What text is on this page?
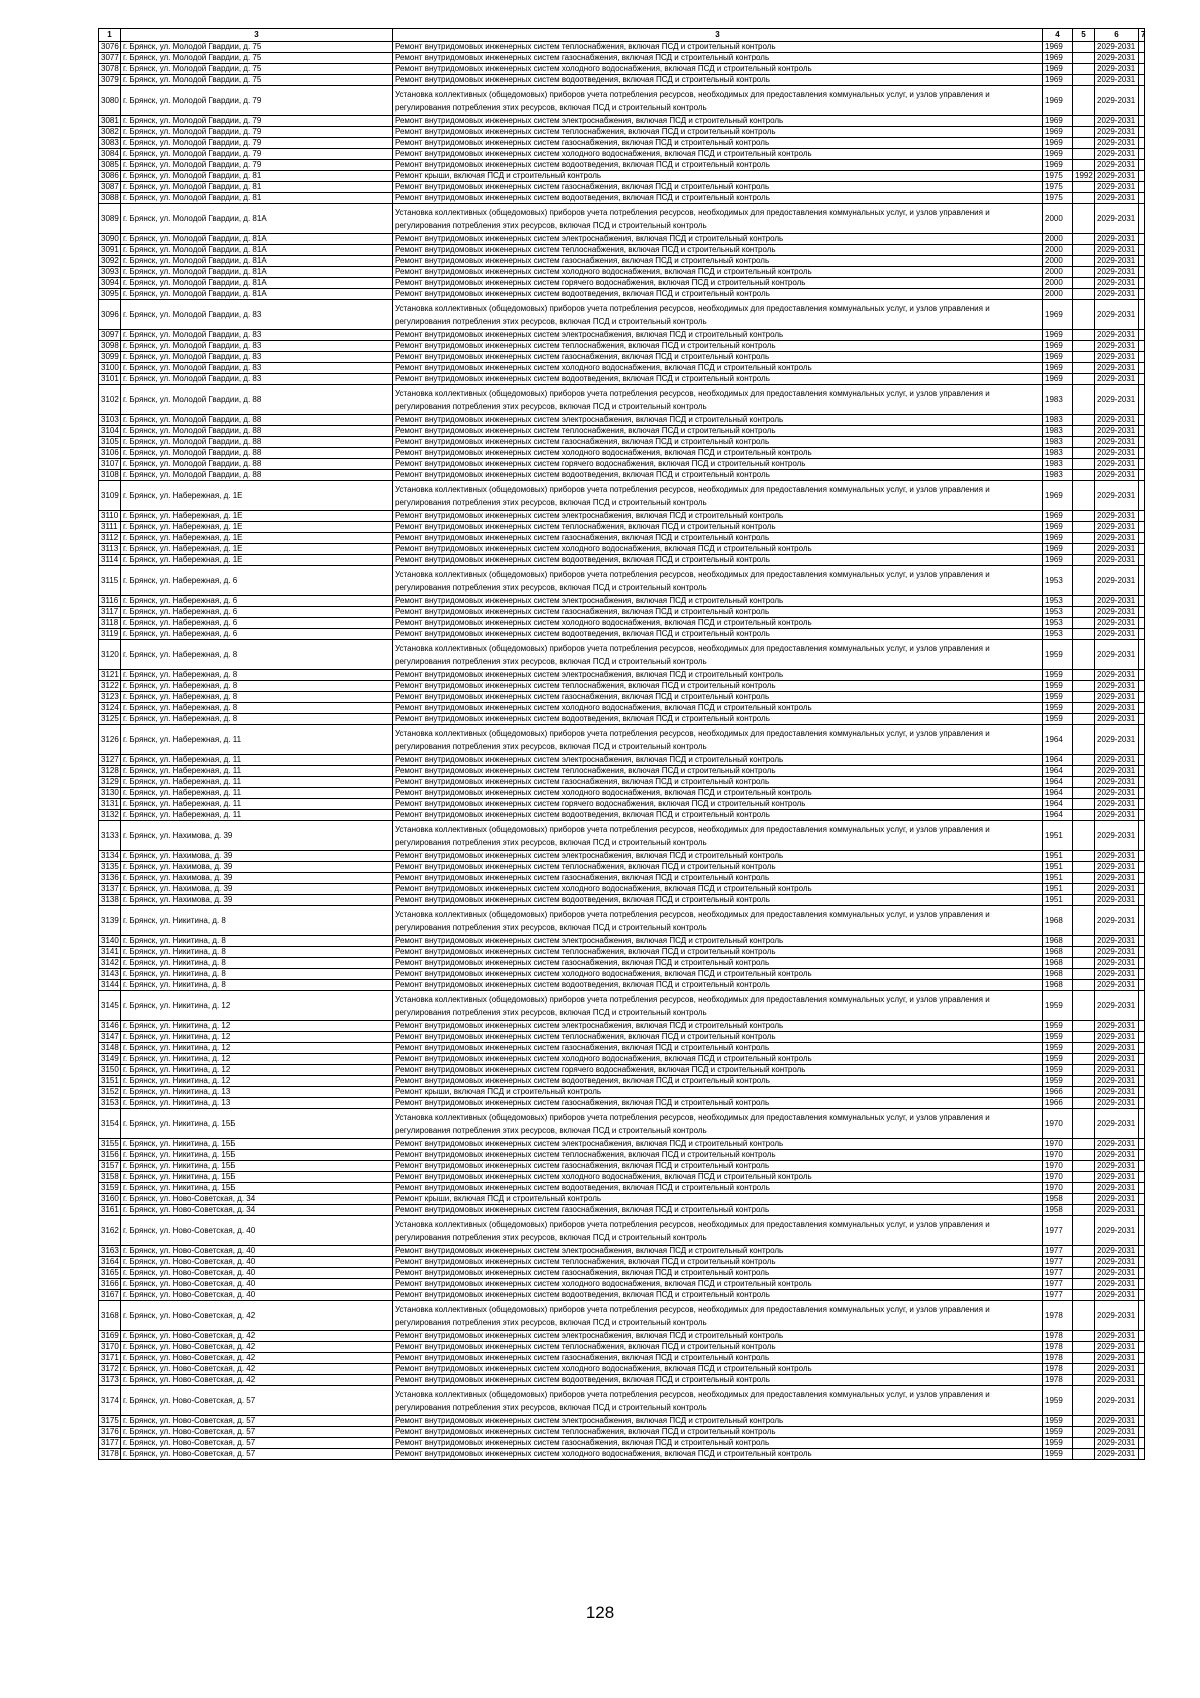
1	3	3	4	5	6	7
3076	г. Брянск, ул. Молодой Гвардии, д. 75	Ремонт внутридомовых инженерных систем теплоснабжения, включая ПСД и строительный контроль	1969		2029-2031	
3077	г. Брянск, ул. Молодой Гвардии, д. 75	Ремонт внутридомовых инженерных систем газоснабжения, включая ПСД и строительный контроль	1969		2029-2031	
3078	г. Брянск, ул. Молодой Гвардии, д. 75	Ремонт внутридомовых инженерных систем холодного водоснабжения, включая ПСД и строительный контроль	1969		2029-2031	
3079	г. Брянск, ул. Молодой Гвардии, д. 75	Ремонт внутридомовых инженерных систем водоотведения, включая ПСД и строительный контроль	1969		2029-2031	
3080	г. Брянск, ул. Молодой Гвардии, д. 79	Установка коллективных (общедомовых) приборов учета потребления ресурсов, необходимых для предоставления коммунальных услуг, и узлов управления и регулирования потребления этих ресурсов, включая ПСД и строительный контроль	1969		2029-2031	
3081	г. Брянск, ул. Молодой Гвардии, д. 79	Ремонт внутридомовых инженерных систем электроснабжения, включая ПСД и строительный контроль	1969		2029-2031	
3082	г. Брянск, ул. Молодой Гвардии, д. 79	Ремонт внутридомовых инженерных систем теплоснабжения, включая ПСД и строительный контроль	1969		2029-2031	
3083	г. Брянск, ул. Молодой Гвардии, д. 79	Ремонт внутридомовых инженерных систем газоснабжения, включая ПСД и строительный контроль	1969		2029-2031	
3084	г. Брянск, ул. Молодой Гвардии, д. 79	Ремонт внутридомовых инженерных систем холодного водоснабжения, включая ПСД и строительный контроль	1969		2029-2031	
3085	г. Брянск, ул. Молодой Гвардии, д. 79	Ремонт внутридомовых инженерных систем водоотведения, включая ПСД и строительный контроль	1969		2029-2031	
3086	г. Брянск, ул. Молодой Гвардии, д. 81	Ремонт крыши, включая ПСД и строительный контроль	1975	1992	2029-2031	
3087	г. Брянск, ул. Молодой Гвардии, д. 81	Ремонт внутридомовых инженерных систем газоснабжения, включая ПСД и строительный контроль	1975		2029-2031	
3088	г. Брянск, ул. Молодой Гвардии, д. 81	Ремонт внутридомовых инженерных систем водоотведения, включая ПСД и строительный контроль	1975		2029-2031	
3089	г. Брянск, ул. Молодой Гвардии, д. 81А	Установка коллективных (общедомовых) приборов учета потребления ресурсов, необходимых для предоставления коммунальных услуг, и узлов управления и регулирования потребления этих ресурсов, включая ПСД и строительный контроль	2000		2029-2031	
3090	г. Брянск, ул. Молодой Гвардии, д. 81А	Ремонт внутридомовых инженерных систем электроснабжения, включая ПСД и строительный контроль	2000		2029-2031	
3091	г. Брянск, ул. Молодой Гвардии, д. 81А	Ремонт внутридомовых инженерных систем теплоснабжения, включая ПСД и строительный контроль	2000		2029-2031	
3092	г. Брянск, ул. Молодой Гвардии, д. 81А	Ремонт внутридомовых инженерных систем газоснабжения, включая ПСД и строительный контроль	2000		2029-2031	
3093	г. Брянск, ул. Молодой Гвардии, д. 81А	Ремонт внутридомовых инженерных систем холодного водоснабжения, включая ПСД и строительный контроль	2000		2029-2031	
3094	г. Брянск, ул. Молодой Гвардии, д. 81А	Ремонт внутридомовых инженерных систем горячего водоснабжения, включая ПСД и строительный контроль	2000		2029-2031	
3095	г. Брянск, ул. Молодой Гвардии, д. 81А	Ремонт внутридомовых инженерных систем водоотведения, включая ПСД и строительный контроль	2000		2029-2031	
3096	г. Брянск, ул. Молодой Гвардии, д. 83	Установка коллективных (общедомовых) приборов учета потребления ресурсов, необходимых для предоставления коммунальных услуг, и узлов управления и регулирования потребления этих ресурсов, включая ПСД и строительный контроль	1969		2029-2031	
3097	г. Брянск, ул. Молодой Гвардии, д. 83	Ремонт внутридомовых инженерных систем электроснабжения, включая ПСД и строительный контроль	1969		2029-2031	
3098	г. Брянск, ул. Молодой Гвардии, д. 83	Ремонт внутридомовых инженерных систем теплоснабжения, включая ПСД и строительный контроль	1969		2029-2031	
3099	г. Брянск, ул. Молодой Гвардии, д. 83	Ремонт внутридомовых инженерных систем газоснабжения, включая ПСД и строительный контроль	1969		2029-2031	
3100	г. Брянск, ул. Молодой Гвардии, д. 83	Ремонт внутридомовых инженерных систем холодного водоснабжения, включая ПСД и строительный контроль	1969		2029-2031	
3101	г. Брянск, ул. Молодой Гвардии, д. 83	Ремонт внутридомовых инженерных систем водоотведения, включая ПСД и строительный контроль	1969		2029-2031	
3102	г. Брянск, ул. Молодой Гвардии, д. 88	Установка коллективных (общедомовых) приборов учета потребления ресурсов, необходимых для предоставления коммунальных услуг, и узлов управления и регулирования потребления этих ресурсов, включая ПСД и строительный контроль	1983		2029-2031	
3103	г. Брянск, ул. Молодой Гвардии, д. 88	Ремонт внутридомовых инженерных систем электроснабжения, включая ПСД и строительный контроль	1983		2029-2031	
3104	г. Брянск, ул. Молодой Гвардии, д. 88	Ремонт внутридомовых инженерных систем теплоснабжения, включая ПСД и строительный контроль	1983		2029-2031	
3105	г. Брянск, ул. Молодой Гвардии, д. 88	Ремонт внутридомовых инженерных систем газоснабжения, включая ПСД и строительный контроль	1983		2029-2031	
3106	г. Брянск, ул. Молодой Гвардии, д. 88	Ремонт внутридомовых инженерных систем холодного водоснабжения, включая ПСД и строительный контроль	1983		2029-2031	
3107	г. Брянск, ул. Молодой Гвардии, д. 88	Ремонт внутридомовых инженерных систем горячего водоснабжения, включая ПСД и строительный контроль	1983		2029-2031	
3108	г. Брянск, ул. Молодой Гвардии, д. 88	Ремонт внутридомовых инженерных систем водоотведения, включая ПСД и строительный контроль	1983		2029-2031	
3109	г. Брянск, ул. Набережная, д. 1Е	Установка коллективных (общедомовых) приборов учета потребления ресурсов, необходимых для предоставления коммунальных услуг, и узлов управления и регулирования потребления этих ресурсов, включая ПСД и строительный контроль	1969		2029-2031	
3110	г. Брянск, ул. Набережная, д. 1Е	Ремонт внутридомовых инженерных систем электроснабжения, включая ПСД и строительный контроль	1969		2029-2031	
3111	г. Брянск, ул. Набережная, д. 1Е	Ремонт внутридомовых инженерных систем теплоснабжения, включая ПСД и строительный контроль	1969		2029-2031	
3112	г. Брянск, ул. Набережная, д. 1Е	Ремонт внутридомовых инженерных систем газоснабжения, включая ПСД и строительный контроль	1969		2029-2031	
3113	г. Брянск, ул. Набережная, д. 1Е	Ремонт внутридомовых инженерных систем холодного водоснабжения, включая ПСД и строительный контроль	1969		2029-2031	
3114	г. Брянск, ул. Набережная, д. 1Е	Ремонт внутридомовых инженерных систем водоотведения, включая ПСД и строительный контроль	1969		2029-2031	
3115	г. Брянск, ул. Набережная, д. 6	Установка коллективных (общедомовых) приборов учета потребления ресурсов, необходимых для предоставления коммунальных услуг, и узлов управления и регулирования потребления этих ресурсов, включая ПСД и строительный контроль	1953		2029-2031	
3116	г. Брянск, ул. Набережная, д. 6	Ремонт внутридомовых инженерных систем электроснабжения, включая ПСД и строительный контроль	1953		2029-2031	
3117	г. Брянск, ул. Набережная, д. 6	Ремонт внутридомовых инженерных систем газоснабжения, включая ПСД и строительный контроль	1953		2029-2031	
3118	г. Брянск, ул. Набережная, д. 6	Ремонт внутридомовых инженерных систем холодного водоснабжения, включая ПСД и строительный контроль	1953		2029-2031	
3119	г. Брянск, ул. Набережная, д. 6	Ремонт внутридомовых инженерных систем водоотведения, включая ПСД и строительный контроль	1953		2029-2031	
3120	г. Брянск, ул. Набережная, д. 8	Установка коллективных (общедомовых) приборов учета потребления ресурсов, необходимых для предоставления коммунальных услуг, и узлов управления и регулирования потребления этих ресурсов, включая ПСД и строительный контроль	1959		2029-2031	
3121	г. Брянск, ул. Набережная, д. 8	Ремонт внутридомовых инженерных систем электроснабжения, включая ПСД и строительный контроль	1959		2029-2031	
3122	г. Брянск, ул. Набережная, д. 8	Ремонт внутридомовых инженерных систем теплоснабжения, включая ПСД и строительный контроль	1959		2029-2031	
3123	г. Брянск, ул. Набережная, д. 8	Ремонт внутридомовых инженерных систем газоснабжения, включая ПСД и строительный контроль	1959		2029-2031	
3124	г. Брянск, ул. Набережная, д. 8	Ремонт внутридомовых инженерных систем холодного водоснабжения, включая ПСД и строительный контроль	1959		2029-2031	
3125	г. Брянск, ул. Набережная, д. 8	Ремонт внутридомовых инженерных систем водоотведения, включая ПСД и строительный контроль	1959		2029-2031	
3126	г. Брянск, ул. Набережная, д. 11	Установка коллективных (общедомовых) приборов учета потребления ресурсов, необходимых для предоставления коммунальных услуг, и узлов управления и регулирования потребления этих ресурсов, включая ПСД и строительный контроль	1964		2029-2031	
3127	г. Брянск, ул. Набережная, д. 11	Ремонт внутридомовых инженерных систем электроснабжения, включая ПСД и строительный контроль	1964		2029-2031	
3128	г. Брянск, ул. Набережная, д. 11	Ремонт внутридомовых инженерных систем теплоснабжения, включая ПСД и строительный контроль	1964		2029-2031	
3129	г. Брянск, ул. Набережная, д. 11	Ремонт внутридомовых инженерных систем газоснабжения, включая ПСД и строительный контроль	1964		2029-2031	
3130	г. Брянск, ул. Набережная, д. 11	Ремонт внутридомовых инженерных систем холодного водоснабжения, включая ПСД и строительный контроль	1964		2029-2031	
3131	г. Брянск, ул. Набережная, д. 11	Ремонт внутридомовых инженерных систем горячего водоснабжения, включая ПСД и строительный контроль	1964		2029-2031	
3132	г. Брянск, ул. Набережная, д. 11	Ремонт внутридомовых инженерных систем водоотведения, включая ПСД и строительный контроль	1964		2029-2031	
3133	г. Брянск, ул. Нахимова, д. 39	Установка коллективных (общедомовых) приборов учета потребления ресурсов, необходимых для предоставления коммунальных услуг, и узлов управления и регулирования потребления этих ресурсов, включая ПСД и строительный контроль	1951		2029-2031	
3134	г. Брянск, ул. Нахимова, д. 39	Ремонт внутридомовых инженерных систем электроснабжения, включая ПСД и строительный контроль	1951		2029-2031	
3135	г. Брянск, ул. Нахимова, д. 39	Ремонт внутридомовых инженерных систем теплоснабжения, включая ПСД и строительный контроль	1951		2029-2031	
3136	г. Брянск, ул. Нахимова, д. 39	Ремонт внутридомовых инженерных систем газоснабжения, включая ПСД и строительный контроль	1951		2029-2031	
3137	г. Брянск, ул. Нахимова, д. 39	Ремонт внутридомовых инженерных систем холодного водоснабжения, включая ПСД и строительный контроль	1951		2029-2031	
3138	г. Брянск, ул. Нахимова, д. 39	Ремонт внутридомовых инженерных систем водоотведения, включая ПСД и строительный контроль	1951		2029-2031	
3139	г. Брянск, ул. Никитина, д. 8	Установка коллективных (общедомовых) приборов учета потребления ресурсов, необходимых для предоставления коммунальных услуг, и узлов управления и регулирования потребления этих ресурсов, включая ПСД и строительный контроль	1968		2029-2031	
3140	г. Брянск, ул. Никитина, д. 8	Ремонт внутридомовых инженерных систем электроснабжения, включая ПСД и строительный контроль	1968		2029-2031	
3141	г. Брянск, ул. Никитина, д. 8	Ремонт внутридомовых инженерных систем теплоснабжения, включая ПСД и строительный контроль	1968		2029-2031	
3142	г. Брянск, ул. Никитина, д. 8	Ремонт внутридомовых инженерных систем газоснабжения, включая ПСД и строительный контроль	1968		2029-2031	
3143	г. Брянск, ул. Никитина, д. 8	Ремонт внутридомовых инженерных систем холодного водоснабжения, включая ПСД и строительный контроль	1968		2029-2031	
3144	г. Брянск, ул. Никитина, д. 8	Ремонт внутридомовых инженерных систем водоотведения, включая ПСД и строительный контроль	1968		2029-2031	
3145	г. Брянск, ул. Никитина, д. 12	Установка коллективных (общедомовых) приборов учета потребления ресурсов, необходимых для предоставления коммунальных услуг, и узлов управления и регулирования потребления этих ресурсов, включая ПСД и строительный контроль	1959		2029-2031	
3146	г. Брянск, ул. Никитина, д. 12	Ремонт внутридомовых инженерных систем электроснабжения, включая ПСД и строительный контроль	1959		2029-2031	
3147	г. Брянск, ул. Никитина, д. 12	Ремонт внутридомовых инженерных систем теплоснабжения, включая ПСД и строительный контроль	1959		2029-2031	
3148	г. Брянск, ул. Никитина, д. 12	Ремонт внутридомовых инженерных систем газоснабжения, включая ПСД и строительный контроль	1959		2029-2031	
3149	г. Брянск, ул. Никитина, д. 12	Ремонт внутридомовых инженерных систем холодного водоснабжения, включая ПСД и строительный контроль	1959		2029-2031	
3150	г. Брянск, ул. Никитина, д. 12	Ремонт внутридомовых инженерных систем горячего водоснабжения, включая ПСД и строительный контроль	1959		2029-2031	
3151	г. Брянск, ул. Никитина, д. 12	Ремонт внутридомовых инженерных систем водоотведения, включая ПСД и строительный контроль	1959		2029-2031	
3152	г. Брянск, ул. Никитина, д. 13	Ремонт крыши, включая ПСД и строительный контроль	1966		2029-2031	
3153	г. Брянск, ул. Никитина, д. 13	Ремонт внутридомовых инженерных систем газоснабжения, включая ПСД и строительный контроль	1966		2029-2031	
3154	г. Брянск, ул. Никитина, д. 15Б	Установка коллективных (общедомовых) приборов учета потребления ресурсов, необходимых для предоставления коммунальных услуг, и узлов управления и регулирования потребления этих ресурсов, включая ПСД и строительный контроль	1970		2029-2031	
3155	г. Брянск, ул. Никитина, д. 15Б	Ремонт внутридомовых инженерных систем электроснабжения, включая ПСД и строительный контроль	1970		2029-2031	
3156	г. Брянск, ул. Никитина, д. 15Б	Ремонт внутридомовых инженерных систем теплоснабжения, включая ПСД и строительный контроль	1970		2029-2031	
3157	г. Брянск, ул. Никитина, д. 15Б	Ремонт внутридомовых инженерных систем газоснабжения, включая ПСД и строительный контроль	1970		2029-2031	
3158	г. Брянск, ул. Никитина, д. 15Б	Ремонт внутридомовых инженерных систем холодного водоснабжения, включая ПСД и строительный контроль	1970		2029-2031	
3159	г. Брянск, ул. Никитина, д. 15Б	Ремонт внутридомовых инженерных систем водоотведения, включая ПСД и строительный контроль	1970		2029-2031	
3160	г. Брянск, ул. Ново-Советская, д. 34	Ремонт крыши, включая ПСД и строительный контроль	1958		2029-2031	
3161	г. Брянск, ул. Ново-Советская, д. 34	Ремонт внутридомовых инженерных систем газоснабжения, включая ПСД и строительный контроль	1958		2029-2031	
3162	г. Брянск, ул. Ново-Советская, д. 40	Установка коллективных (общедомовых) приборов учета потребления ресурсов, необходимых для предоставления коммунальных услуг, и узлов управления и регулирования потребления этих ресурсов, включая ПСД и строительный контроль	1977		2029-2031	
3163	г. Брянск, ул. Ново-Советская, д. 40	Ремонт внутридомовых инженерных систем электроснабжения, включая ПСД и строительный контроль	1977		2029-2031	
3164	г. Брянск, ул. Ново-Советская, д. 40	Ремонт внутридомовых инженерных систем теплоснабжения, включая ПСД и строительный контроль	1977		2029-2031	
3165	г. Брянск, ул. Ново-Советская, д. 40	Ремонт внутридомовых инженерных систем газоснабжения, включая ПСД и строительный контроль	1977		2029-2031	
3166	г. Брянск, ул. Ново-Советская, д. 40	Ремонт внутридомовых инженерных систем холодного водоснабжения, включая ПСД и строительный контроль	1977		2029-2031	
3167	г. Брянск, ул. Ново-Советская, д. 40	Ремонт внутридомовых инженерных систем водоотведения, включая ПСД и строительный контроль	1977		2029-2031	
3168	г. Брянск, ул. Ново-Советская, д. 42	Установка коллективных (общедомовых) приборов учета потребления ресурсов, необходимых для предоставления коммунальных услуг, и узлов управления и регулирования потребления этих ресурсов, включая ПСД и строительный контроль	1978		2029-2031	
3169	г. Брянск, ул. Ново-Советская, д. 42	Ремонт внутридомовых инженерных систем электроснабжения, включая ПСД и строительный контроль	1978		2029-2031	
3170	г. Брянск, ул. Ново-Советская, д. 42	Ремонт внутридомовых инженерных систем теплоснабжения, включая ПСД и строительный контроль	1978		2029-2031	
3171	г. Брянск, ул. Ново-Советская, д. 42	Ремонт внутридомовых инженерных систем газоснабжения, включая ПСД и строительный контроль	1978		2029-2031	
3172	г. Брянск, ул. Ново-Советская, д. 42	Ремонт внутридомовых инженерных систем холодного водоснабжения, включая ПСД и строительный контроль	1978		2029-2031	
3173	г. Брянск, ул. Ново-Советская, д. 42	Ремонт внутридомовых инженерных систем водоотведения, включая ПСД и строительный контроль	1978		2029-2031	
3174	г. Брянск, ул. Ново-Советская, д. 57	Установка коллективных (общедомовых) приборов учета потребления ресурсов, необходимых для предоставления коммунальных услуг, и узлов управления и регулирования потребления этих ресурсов, включая ПСД и строительный контроль	1959		2029-2031	
3175	г. Брянск, ул. Ново-Советская, д. 57	Ремонт внутридомовых инженерных систем электроснабжения, включая ПСД и строительный контроль	1959		2029-2031	
3176	г. Брянск, ул. Ново-Советская, д. 57	Ремонт внутридомовых инженерных систем теплоснабжения, включая ПСД и строительный контроль	1959		2029-2031	
3177	г. Брянск, ул. Ново-Советская, д. 57	Ремонт внутридомовых инженерных систем газоснабжения, включая ПСД и строительный контроль	1959		2029-2031	
3178	г. Брянск, ул. Ново-Советская, д. 57	Ремонт внутридомовых инженерных систем холодного водоснабжения, включая ПСД и строительный контроль	1959		2029-2031	
128
